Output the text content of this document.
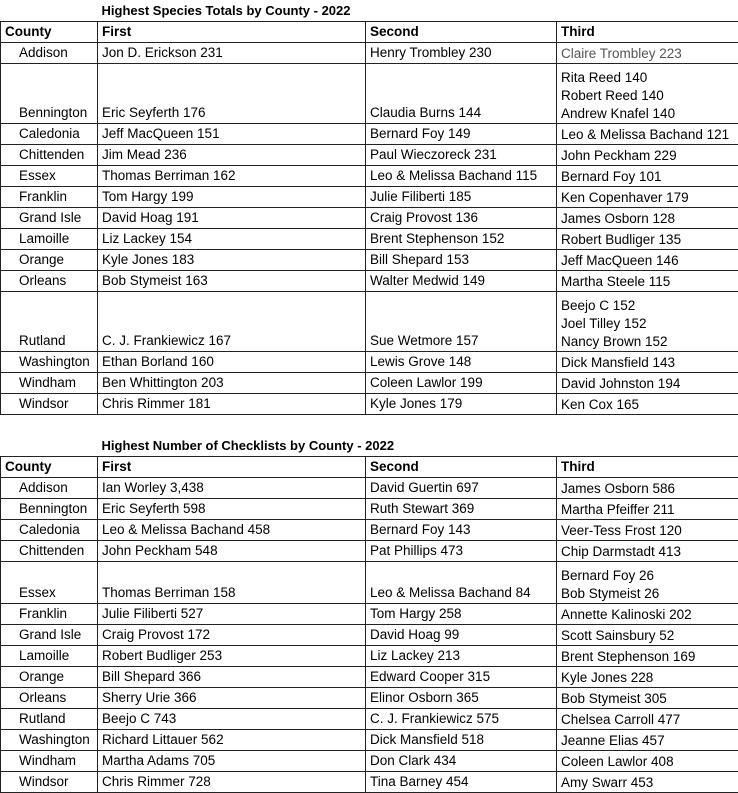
	Highest Species Totals by County - 2022		
County	First	Second	Third
Addison	Jon D. Erickson 231	Henry Trombley 230	Claire Trombley 223

Bennington	Eric Seyferth 176	Claudia Burns 144	Rita Reed 140
Robert Reed 140
Andrew Knafel 140

Caledonia	Jeff MacQueen 151	Bernard Foy 149	Leo & Melissa Bachand 121

Chittenden	Jim Mead 236	Paul Wieczoreck 231	John Peckham 229

Essex	Thomas Berriman 162	Leo & Melissa Bachand 115	Bernard Foy 101

Franklin	Tom Hargy 199	Julie Filiberti 185	Ken Copenhaver 179

Grand Isle	David Hoag 191	Craig Provost 136	James Osborn 128

Lamoille	Liz Lackey 154	Brent Stephenson 152	Robert Budliger 135

Orange	Kyle Jones 183	Bill Shepard 153	Jeff MacQueen 146

Orleans	Bob Stymeist 163	Walter Medwid 149	Martha Steele 115

Rutland	C. J. Frankiewicz 167	Sue Wetmore 157	Beejo C 152
Joel Tilley 152
Nancy Brown 152

Washington	Ethan Borland 160	Lewis Grove 148	Dick Mansfield 143

Windham	Ben Whittington 203	Coleen Lawlor 199	David Johnston 194

Windsor	Chris Rimmer 181	Kyle Jones 179	Ken Cox 165

	Highest Number of Checklists by County - 2022		
County	First	Second	Third
Addison	Ian Worley 3,438	David Guertin 697	James Osborn 586

Bennington	Eric Seyferth 598	Ruth Stewart 369	Martha Pfeiffer 211

Caledonia	Leo & Melissa Bachand 458	Bernard Foy 143	Veer-Tess Frost 120

Chittenden	John Peckham 548	Pat Phillips 473	Chip Darmstadt 413

Essex	Thomas Berriman 158	Leo & Melissa Bachand 84	Bernard Foy 26
Bob Stymeist 26

Franklin	Julie Filiberti 527	Tom Hargy 258	Annette Kalinoski 202

Grand Isle	Craig Provost 172	David Hoag 99	Scott Sainsbury 52

Lamoille	Robert Budliger 253	Liz Lackey 213	Brent Stephenson 169

Orange	Bill Shepard 366	Edward Cooper 315	Kyle Jones 228

Orleans	Sherry Urie 366	Elinor Osborn 365	Bob Stymeist 305

Rutland	Beejo C 743	C. J. Frankiewicz 575	Chelsea Carroll 477

Washington	Richard Littauer 562	Dick Mansfield 518	Jeanne Elias 457

Windham	Martha Adams 705	Don Clark 434	Coleen Lawlor 408

Windsor	Chris Rimmer 728	Tina Barney 454	Amy Swarr 453
